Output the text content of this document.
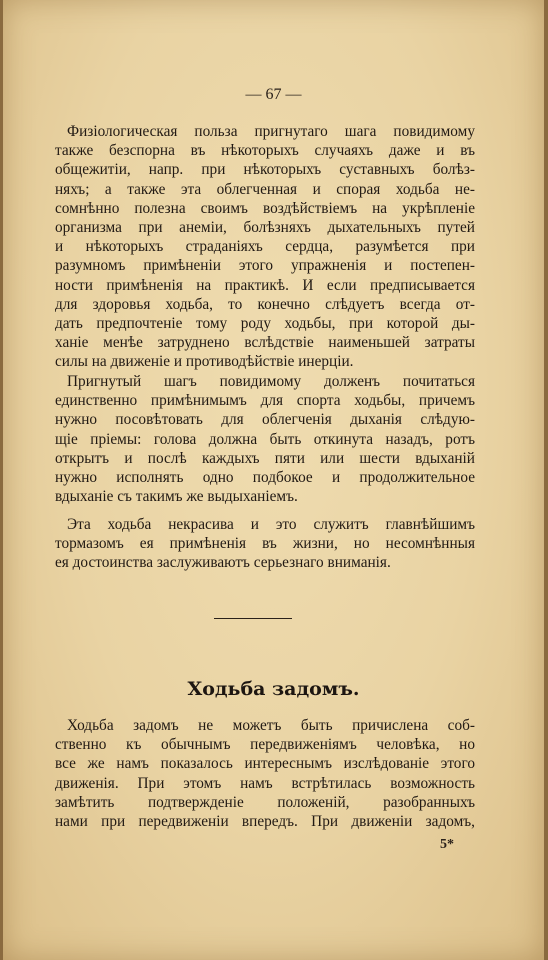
— 67 —
Физiологическая польза пригнутаго шага повидимому
также безспорна въ нѣкоторыхъ случаяхъ даже и въ
общежитiи, напр. при нѣкоторыхъ суставныхъ болѣз-
няхъ; а также эта облегченная и спорая ходьба не-
сомнѣнно полезна своимъ воздѣйствiемъ на укрѣпленiе
организма при анемiи, болѣзняхъ дыхательныхъ путей
и нѣкоторыхъ страданiяхъ сердца, разумѣется при
разумномъ примѣненiи этого упражненiя и постепен-
ности примѣненiя на практикѣ. И если предписывается
для здоровья ходьба, то конечно слѣдуетъ всегда от-
дать предпочтенiе тому роду ходьбы, при которой ды-
ханiе менѣе затруднено вслѣдствiе наименьшей затраты
силы на движенiе и противодѣйствiе инерцiи.
Пригнутый шагъ повидимому долженъ почитаться
единственно примѣнимымъ для спорта ходьбы, причемъ
нужно посовѣтовать для облегченiя дыханiя слѣдую-
щiе прiемы: голова должна быть откинута назадъ, ротъ
открытъ и послѣ каждыхъ пяти или шести вдыханiй
нужно исполнять одно подбокое и продолжительное
вдыханiе съ такимъ же выдыханiемъ.
Эта ходьба некрасива и это служитъ главнѣйшимъ
тормазомъ ея примѣненiя въ жизни, но несомнѣнныя
ея достоинства заслуживаютъ серьезнаго вниманiя.
Ходьба задомъ.
Ходьба задомъ не можетъ быть причислена соб-
ственно къ обычнымъ передвиженiямъ человѣка, но
все же намъ показалось интереснымъ изслѣдованiе этого
движенiя. При этомъ намъ встрѣтилась возможность
замѣтить подтвержденiе положенiй, разобранныхъ
нами при передвиженiи впередъ. При движенiи задомъ,
5*
